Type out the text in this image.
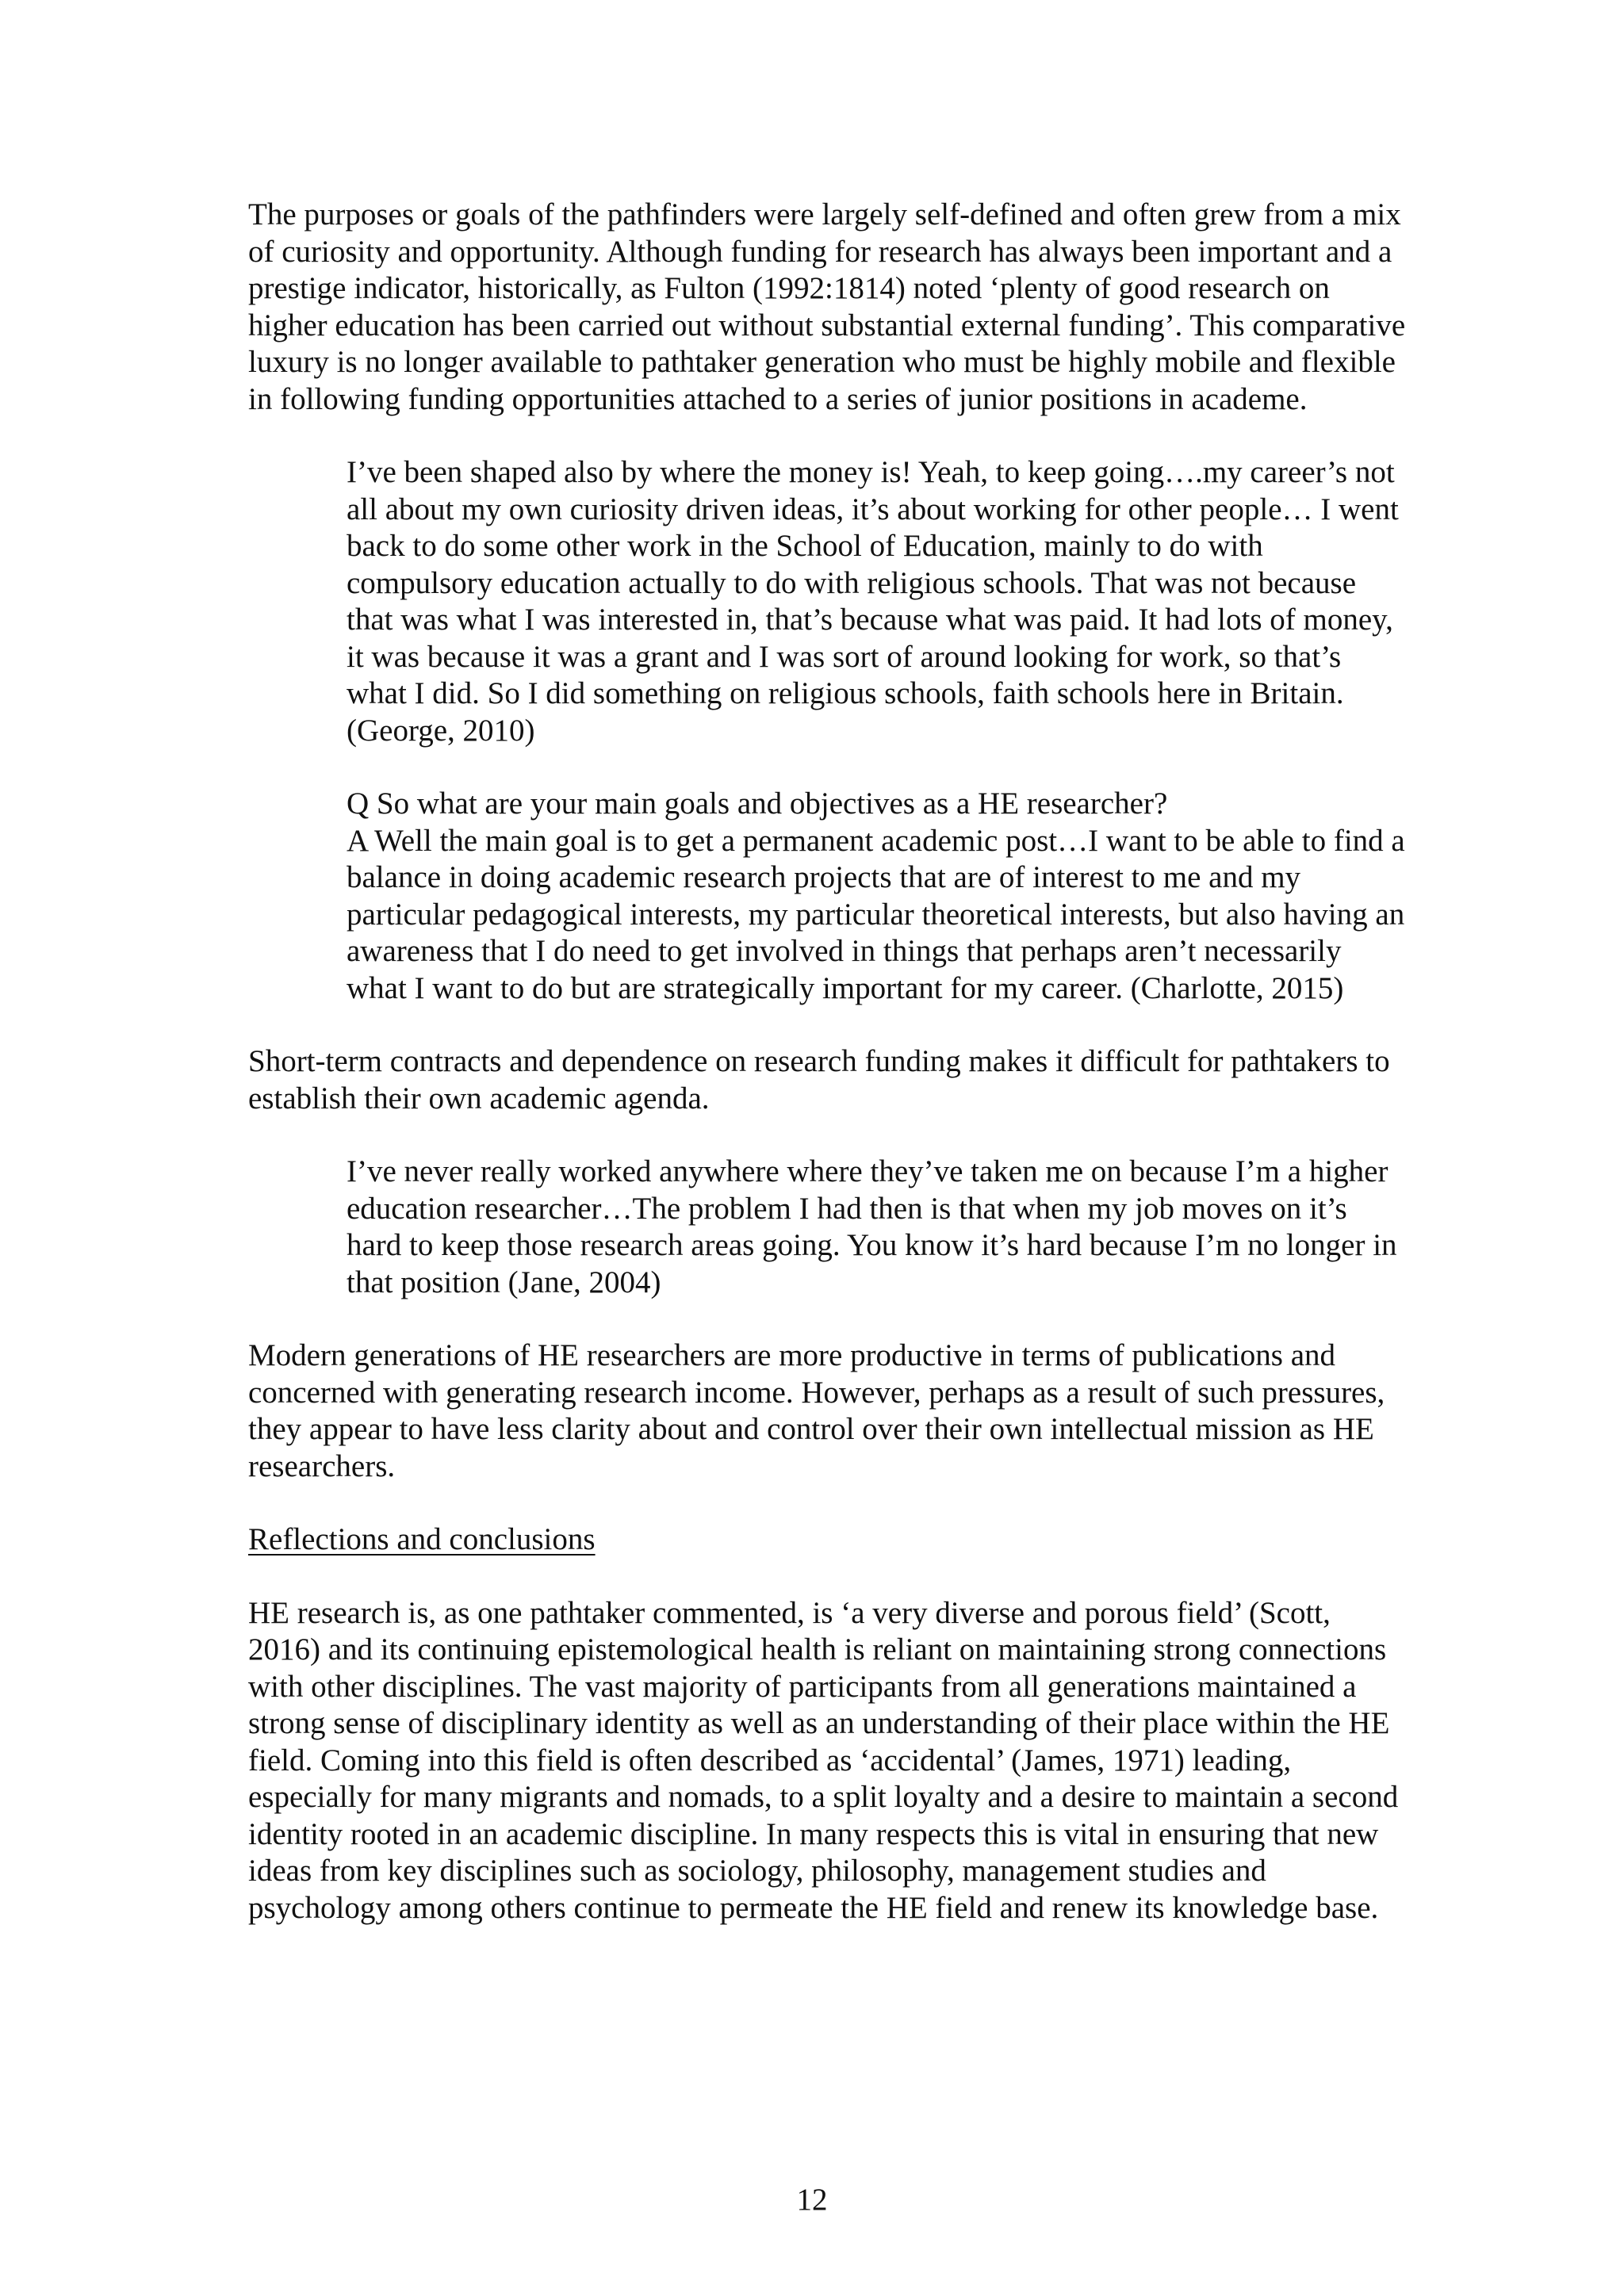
The purposes or goals of the pathfinders were largely self-defined and often grew from a mix of curiosity and opportunity. Although funding for research has always been important and a prestige indicator, historically, as Fulton (1992:1814) noted ‘plenty of good research on higher education has been carried out without substantial external funding’. This comparative luxury is no longer available to pathtaker generation who must be highly mobile and flexible in following funding opportunities attached to a series of junior positions in academe.

I’ve been shaped also by where the money is! Yeah, to keep going….my career’s not all about my own curiosity driven ideas, it’s about working for other people… I went back to do some other work in the School of Education, mainly to do with compulsory education actually to do with religious schools. That was not because that was what I was interested in, that’s because what was paid. It had lots of money, it was because it was a grant and I was sort of around looking for work, so that’s what I did. So I did something on religious schools, faith schools here in Britain. (George, 2010)

Q So what are your main goals and objectives as a HE researcher?

A Well the main goal is to get a permanent academic post…I want to be able to find a balance in doing academic research projects that are of interest to me and my particular pedagogical interests, my particular theoretical interests, but also having an awareness that I do need to get involved in things that perhaps aren’t necessarily what I want to do but are strategically important for my career. (Charlotte, 2015)

Short-term contracts and dependence on research funding makes it difficult for pathtakers to establish their own academic agenda.

I’ve never really worked anywhere where they’ve taken me on because I’m a higher education researcher…The problem I had then is that when my job moves on it’s hard to keep those research areas going. You know it’s hard because I’m no longer in that position (Jane, 2004)

Modern generations of HE researchers are more productive in terms of publications and concerned with generating research income. However, perhaps as a result of such pressures, they appear to have less clarity about and control over their own intellectual mission as HE researchers.

Reflections and conclusions

HE research is, as one pathtaker commented, is ‘a very diverse and porous field’ (Scott, 2016) and its continuing epistemological health is reliant on maintaining strong connections with other disciplines. The vast majority of participants from all generations maintained a strong sense of disciplinary identity as well as an understanding of their place within the HE field. Coming into this field is often described as ‘accidental’ (James, 1971) leading, especially for many migrants and nomads, to a split loyalty and a desire to maintain a second identity rooted in an academic discipline. In many respects this is vital in ensuring that new ideas from key disciplines such as sociology, philosophy, management studies and psychology among others continue to permeate the HE field and renew its knowledge base.

12
